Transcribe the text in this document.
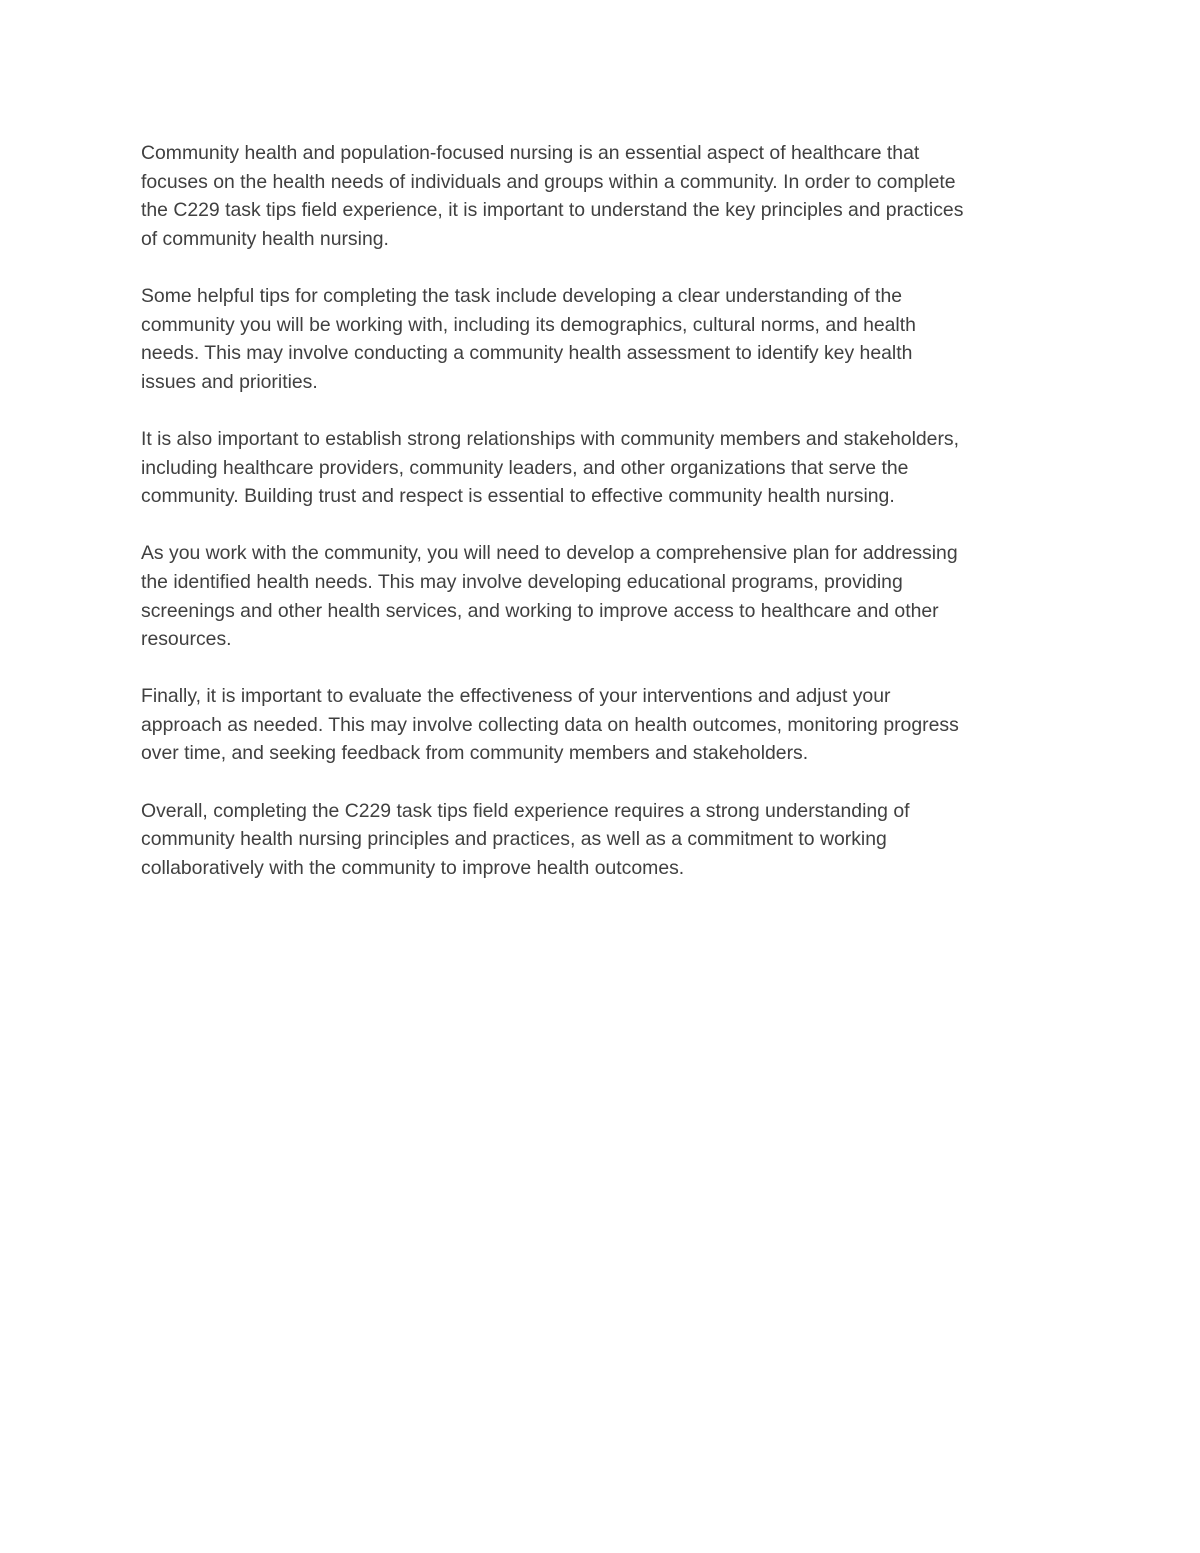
Community health and population-focused nursing is an essential aspect of healthcare that
focuses on the health needs of individuals and groups within a community. In order to complete
the C229 task tips field experience, it is important to understand the key principles and practices
of community health nursing.

Some helpful tips for completing the task include developing a clear understanding of the
community you will be working with, including its demographics, cultural norms, and health
needs. This may involve conducting a community health assessment to identify key health
issues and priorities.

It is also important to establish strong relationships with community members and stakeholders,
including healthcare providers, community leaders, and other organizations that serve the
community. Building trust and respect is essential to effective community health nursing.

As you work with the community, you will need to develop a comprehensive plan for addressing
the identified health needs. This may involve developing educational programs, providing
screenings and other health services, and working to improve access to healthcare and other
resources.

Finally, it is important to evaluate the effectiveness of your interventions and adjust your
approach as needed. This may involve collecting data on health outcomes, monitoring progress
over time, and seeking feedback from community members and stakeholders.

Overall, completing the C229 task tips field experience requires a strong understanding of
community health nursing principles and practices, as well as a commitment to working
collaboratively with the community to improve health outcomes.
